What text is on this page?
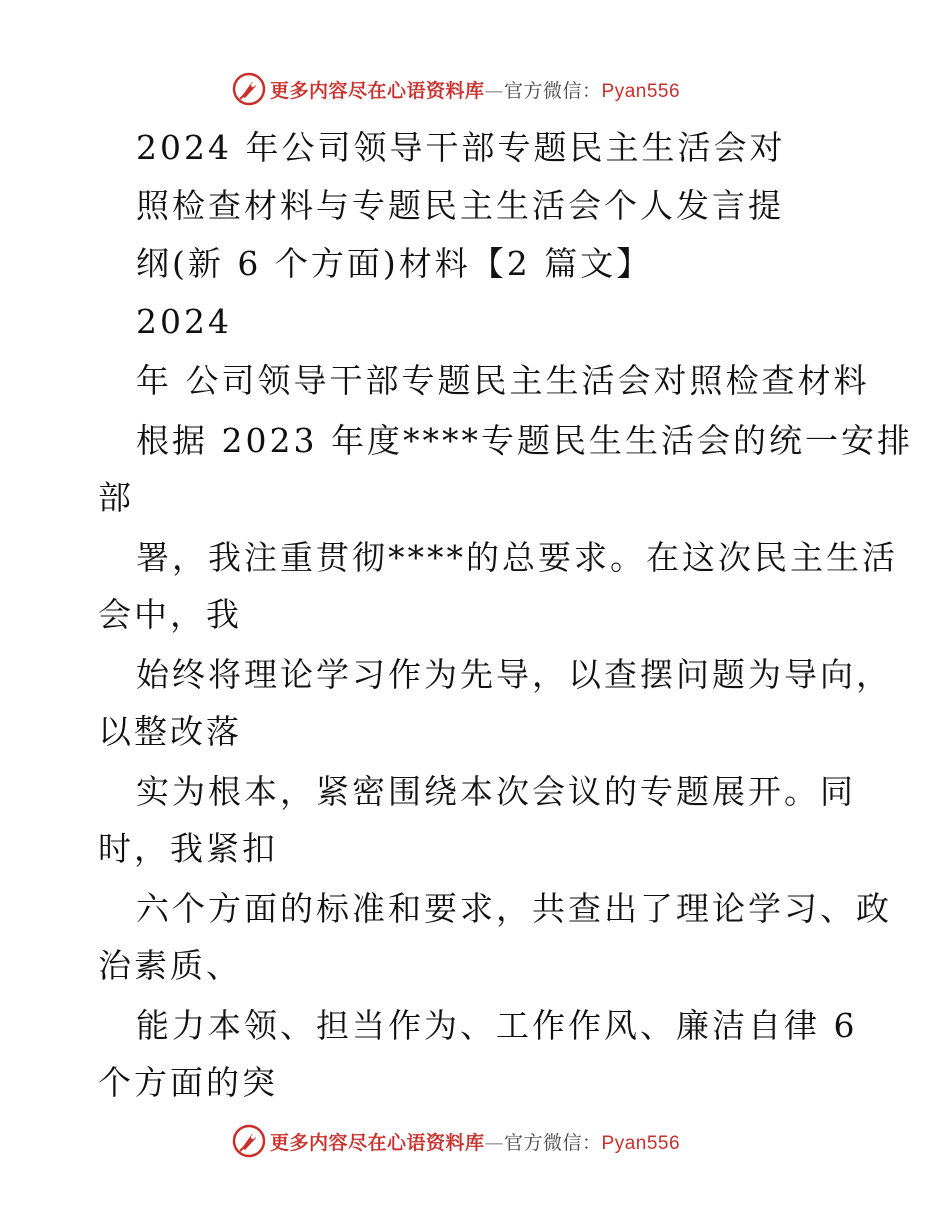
更多内容尽在心语资料库—官方微信：Pyan556
2024 年公司领导干部专题民主生活会对
照检查材料与专题民主生活会个人发言提
纲(新 6 个方面)材料【2 篇文】
2024
年 公司领导干部专题民主生活会对照检查材料
根据 2023 年度****专题民生生活会的统一安排
部
署，我注重贯彻****的总要求。在这次民主生活
会中，我
始终将理论学习作为先导，以查摆问题为导向，
以整改落
实为根本，紧密围绕本次会议的专题展开。同
时，我紧扣
六个方面的标准和要求，共查出了理论学习、政
治素质、
能力本领、担当作为、工作作风、廉洁自律 6
个方面的突
更多内容尽在心语资料库—官方微信：Pyan556
